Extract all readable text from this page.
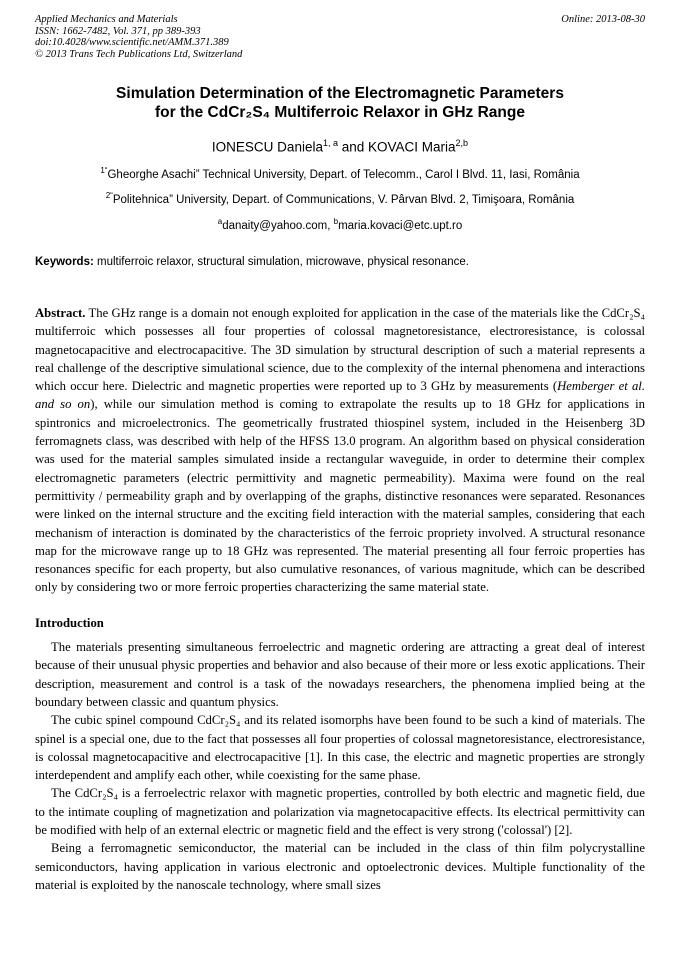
Applied Mechanics and Materials
ISSN: 1662-7482, Vol. 371, pp 389-393
doi:10.4028/www.scientific.net/AMM.371.389
© 2013 Trans Tech Publications Ltd, Switzerland
Online: 2013-08-30
Simulation Determination of the Electromagnetic Parameters
for the CdCr₂S₄ Multiferroic Relaxor in GHz Range
IONESCU Daniela$^{1, a}$ and KOVACI Maria$^{2,b}$
$^{1“}$Gheorghe Asachi” Technical University, Depart. of Telecomm., Carol I Blvd. 11, Iasi, România
$^{2“}$Politehnica” University, Depart. of Communications, V. Pârvan Blvd. 2, Timişoara, România
$^a$danaity@yahoo.com, $^b$maria.kovaci@etc.upt.ro
Keywords: multiferroic relaxor, structural simulation, microwave, physical resonance.
Abstract. The GHz range is a domain not enough exploited for application in the case of the materials like the CdCr₂S₄ multiferroic which possesses all four properties of colossal magnetoresistance, electroresistance, is colossal magnetocapacitive and electrocapacitive. The 3D simulation by structural description of such a material represents a real challenge of the descriptive simulational science, due to the complexity of the internal phenomena and interactions which occur here. Dielectric and magnetic properties were reported up to 3 GHz by measurements (Hemberger et al. and so on), while our simulation method is coming to extrapolate the results up to 18 GHz for applications in spintronics and microelectronics. The geometrically frustrated thiospinel system, included in the Heisenberg 3D ferromagnets class, was described with help of the HFSS 13.0 program. An algorithm based on physical consideration was used for the material samples simulated inside a rectangular waveguide, in order to determine their complex electromagnetic parameters (electric permittivity and magnetic permeability). Maxima were found on the real permittivity / permeability graph and by overlapping of the graphs, distinctive resonances were separated. Resonances were linked on the internal structure and the exciting field interaction with the material samples, considering that each mechanism of interaction is dominated by the characteristics of the ferroic propriety involved. A structural resonance map for the microwave range up to 18 GHz was represented. The material presenting all four ferroic properties has resonances specific for each property, but also cumulative resonances, of various magnitude, which can be described only by considering two or more ferroic properties characterizing the same material state.
Introduction

The materials presenting simultaneous ferroelectric and magnetic ordering are attracting a great deal of interest because of their unusual physic properties and behavior and also because of their more or less exotic applications. Their description, measurement and control is a task of the nowadays researchers, the phenomena implied being at the boundary between classic and quantum physics.

The cubic spinel compound CdCr₂S₄ and its related isomorphs have been found to be such a kind of materials. The spinel is a special one, due to the fact that possesses all four properties of colossal magnetoresistance, electroresistance, is colossal magnetocapacitive and electrocapacitive [1]. In this case, the electric and magnetic properties are strongly interdependent and amplify each other, while coexisting for the same phase.

The CdCr₂S₄ is a ferroelectric relaxor with magnetic properties, controlled by both electric and magnetic field, due to the intimate coupling of magnetization and polarization via magnetocapacitive effects. Its electrical permittivity can be modified with help of an external electric or magnetic field and the effect is very strong ('colossal') [2].

Being a ferromagnetic semiconductor, the material can be included in the class of thin film polycrystalline semiconductors, having application in various electronic and optoelectronic devices. Multiple functionality of the material is exploited by the nanoscale technology, where small sizes
